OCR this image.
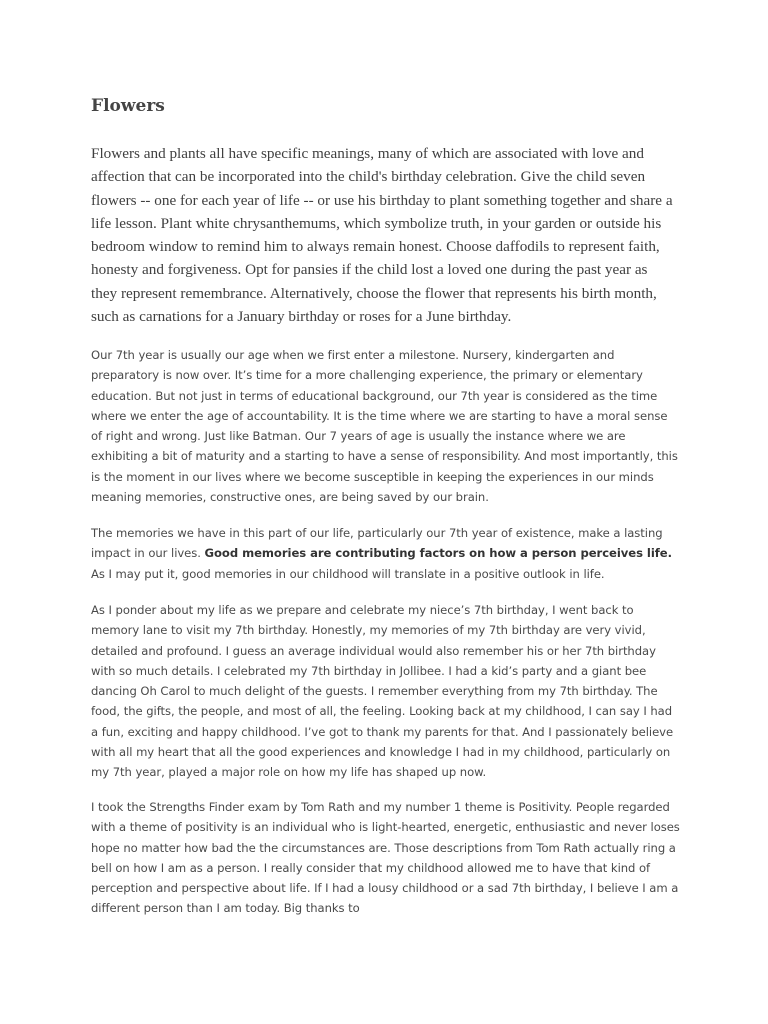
Flowers

Flowers and plants all have specific meanings, many of which are associated with love and affection that can be incorporated into the child's birthday celebration. Give the child seven flowers -- one for each year of life -- or use his birthday to plant something together and share a life lesson. Plant white chrysanthemums, which symbolize truth, in your garden or outside his bedroom window to remind him to always remain honest. Choose daffodils to represent faith, honesty and forgiveness. Opt for pansies if the child lost a loved one during the past year as they represent remembrance. Alternatively, choose the flower that represents his birth month, such as carnations for a January birthday or roses for a June birthday.

Our 7th year is usually our age when we first enter a milestone. Nursery, kindergarten and preparatory is now over. It’s time for a more challenging experience, the primary or elementary education. But not just in terms of educational background, our 7th year is considered as the time where we enter the age of accountability. It is the time where we are starting to have a moral sense of right and wrong. Just like Batman. Our 7 years of age is usually the instance where we are exhibiting a bit of maturity and a starting to have a sense of responsibility. And most importantly, this is the moment in our lives where we become susceptible in keeping the experiences in our minds meaning memories, constructive ones, are being saved by our brain.

The memories we have in this part of our life, particularly our 7th year of existence, make a lasting impact in our lives. Good memories are contributing factors on how a person perceives life. As I may put it, good memories in our childhood will translate in a positive outlook in life.

As I ponder about my life as we prepare and celebrate my niece’s 7th birthday, I went back to memory lane to visit my 7th birthday. Honestly, my memories of my 7th birthday are very vivid, detailed and profound. I guess an average individual would also remember his or her 7th birthday with so much details. I celebrated my 7th birthday in Jollibee. I had a kid’s party and a giant bee dancing Oh Carol to much delight of the guests. I remember everything from my 7th birthday. The food, the gifts, the people, and most of all, the feeling. Looking back at my childhood, I can say I had a fun, exciting and happy childhood. I’ve got to thank my parents for that. And I passionately believe with all my heart that all the good experiences and knowledge I had in my childhood, particularly on my 7th year, played a major role on how my life has shaped up now.

I took the Strengths Finder exam by Tom Rath and my number 1 theme is Positivity. People regarded with a theme of positivity is an individual who is light-hearted, energetic, enthusiastic and never loses hope no matter how bad the the circumstances are. Those descriptions from Tom Rath actually ring a bell on how I am as a person. I really consider that my childhood allowed me to have that kind of perception and perspective about life. If I had a lousy childhood or a sad 7th birthday, I believe I am a different person than I am today. Big thanks to
